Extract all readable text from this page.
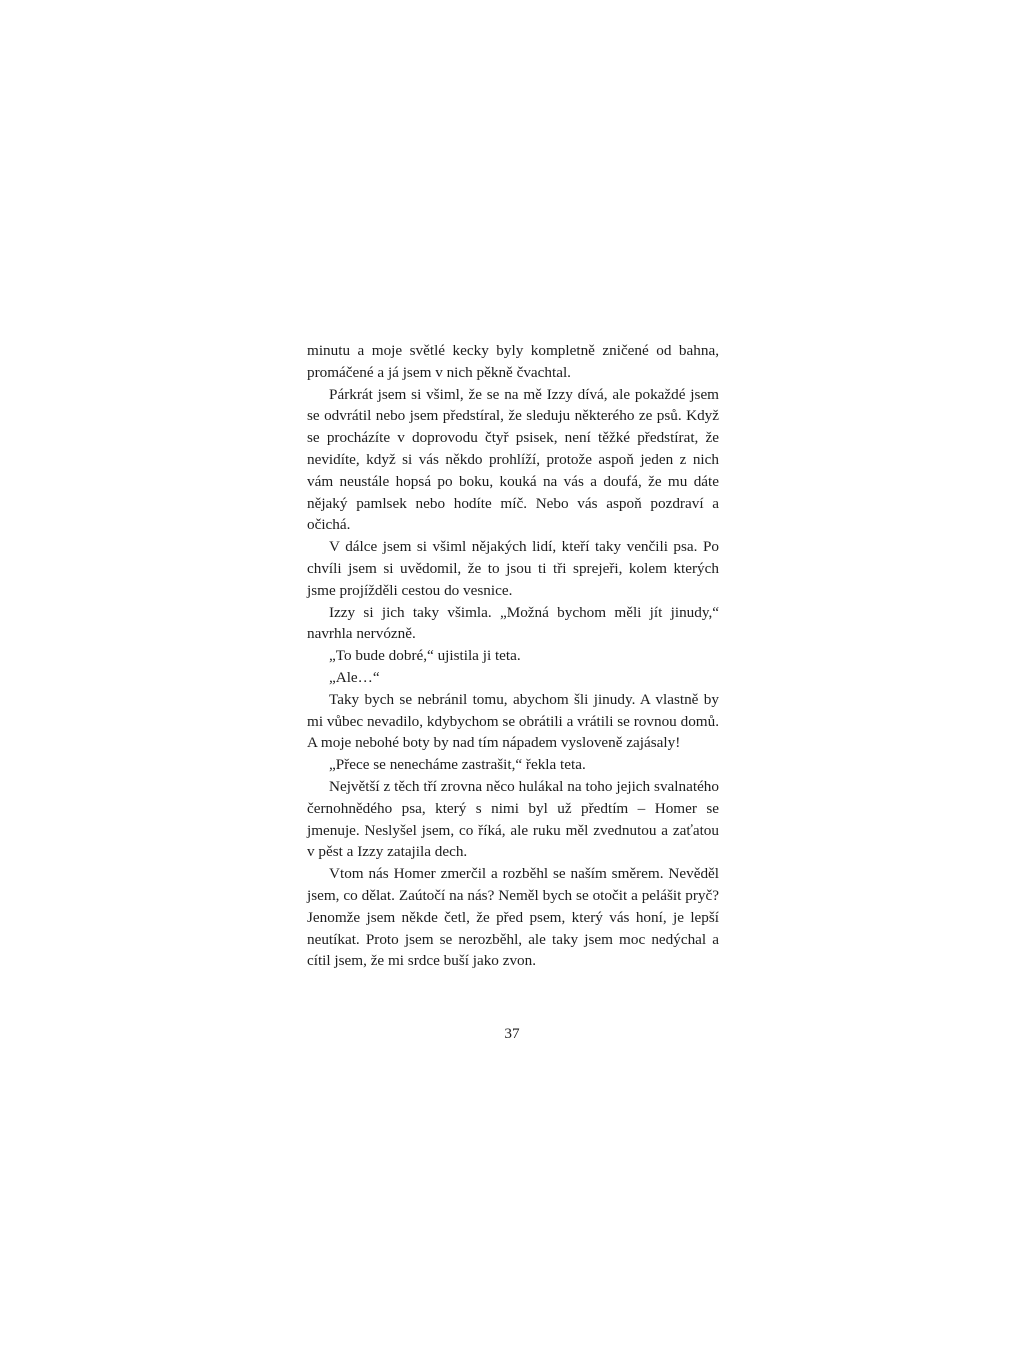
minutu a moje světlé kecky byly kompletně zničené od bahna, promáčené a já jsem v nich pěkně čvachtal.

Párkrát jsem si všiml, že se na mě Izzy dívá, ale pokaždé jsem se odvrátil nebo jsem předstíral, že sleduju některého ze psů. Když se procházíte v doprovodu čtyř psisek, není těžké předstírat, že nevidíte, když si vás někdo prohlíží, protože aspoň jeden z nich vám neustále hopsá po boku, kouká na vás a doufá, že mu dáte nějaký pamlsek nebo hodíte míč. Nebo vás aspoň pozdraví a očichá.

V dálce jsem si všiml nějakých lidí, kteří taky venčili psa. Po chvíli jsem si uvědomil, že to jsou ti tři sprejeři, kolem kterých jsme projížděli cestou do vesnice.

Izzy si jich taky všimla. „Možná bychom měli jít jinudy,“ navrhla nervózně.

„To bude dobré,“ ujistila ji teta.

„Ale…“

Taky bych se nebránil tomu, abychom šli jinudy. A vlastně by mi vůbec nevadilo, kdybychom se obrátili a vrátili se rovnou domů. A moje nebohé boty by nad tím nápadem vysloveně zajásaly!

„Přece se nenecháme zastrašit,“ řekla teta.

Největší z těch tří zrovna něco hulákal na toho jejich svalnatého černohnědého psa, který s nimi byl už předtím – Homer se jmenuje. Neslyšel jsem, co říká, ale ruku měl zvednutou a zaťatou v pěst a Izzy zatajila dech.

Vtom nás Homer zmerčil a rozběhl se naším směrem. Nevěděl jsem, co dělat. Zaútočí na nás? Neměl bych se otočit a pelášit pryč? Jenomže jsem někde četl, že před psem, který vás honí, je lepší neutíkat. Proto jsem se nerozběhl, ale taky jsem moc nedýchal a cítil jsem, že mi srdce buší jako zvon.

37
